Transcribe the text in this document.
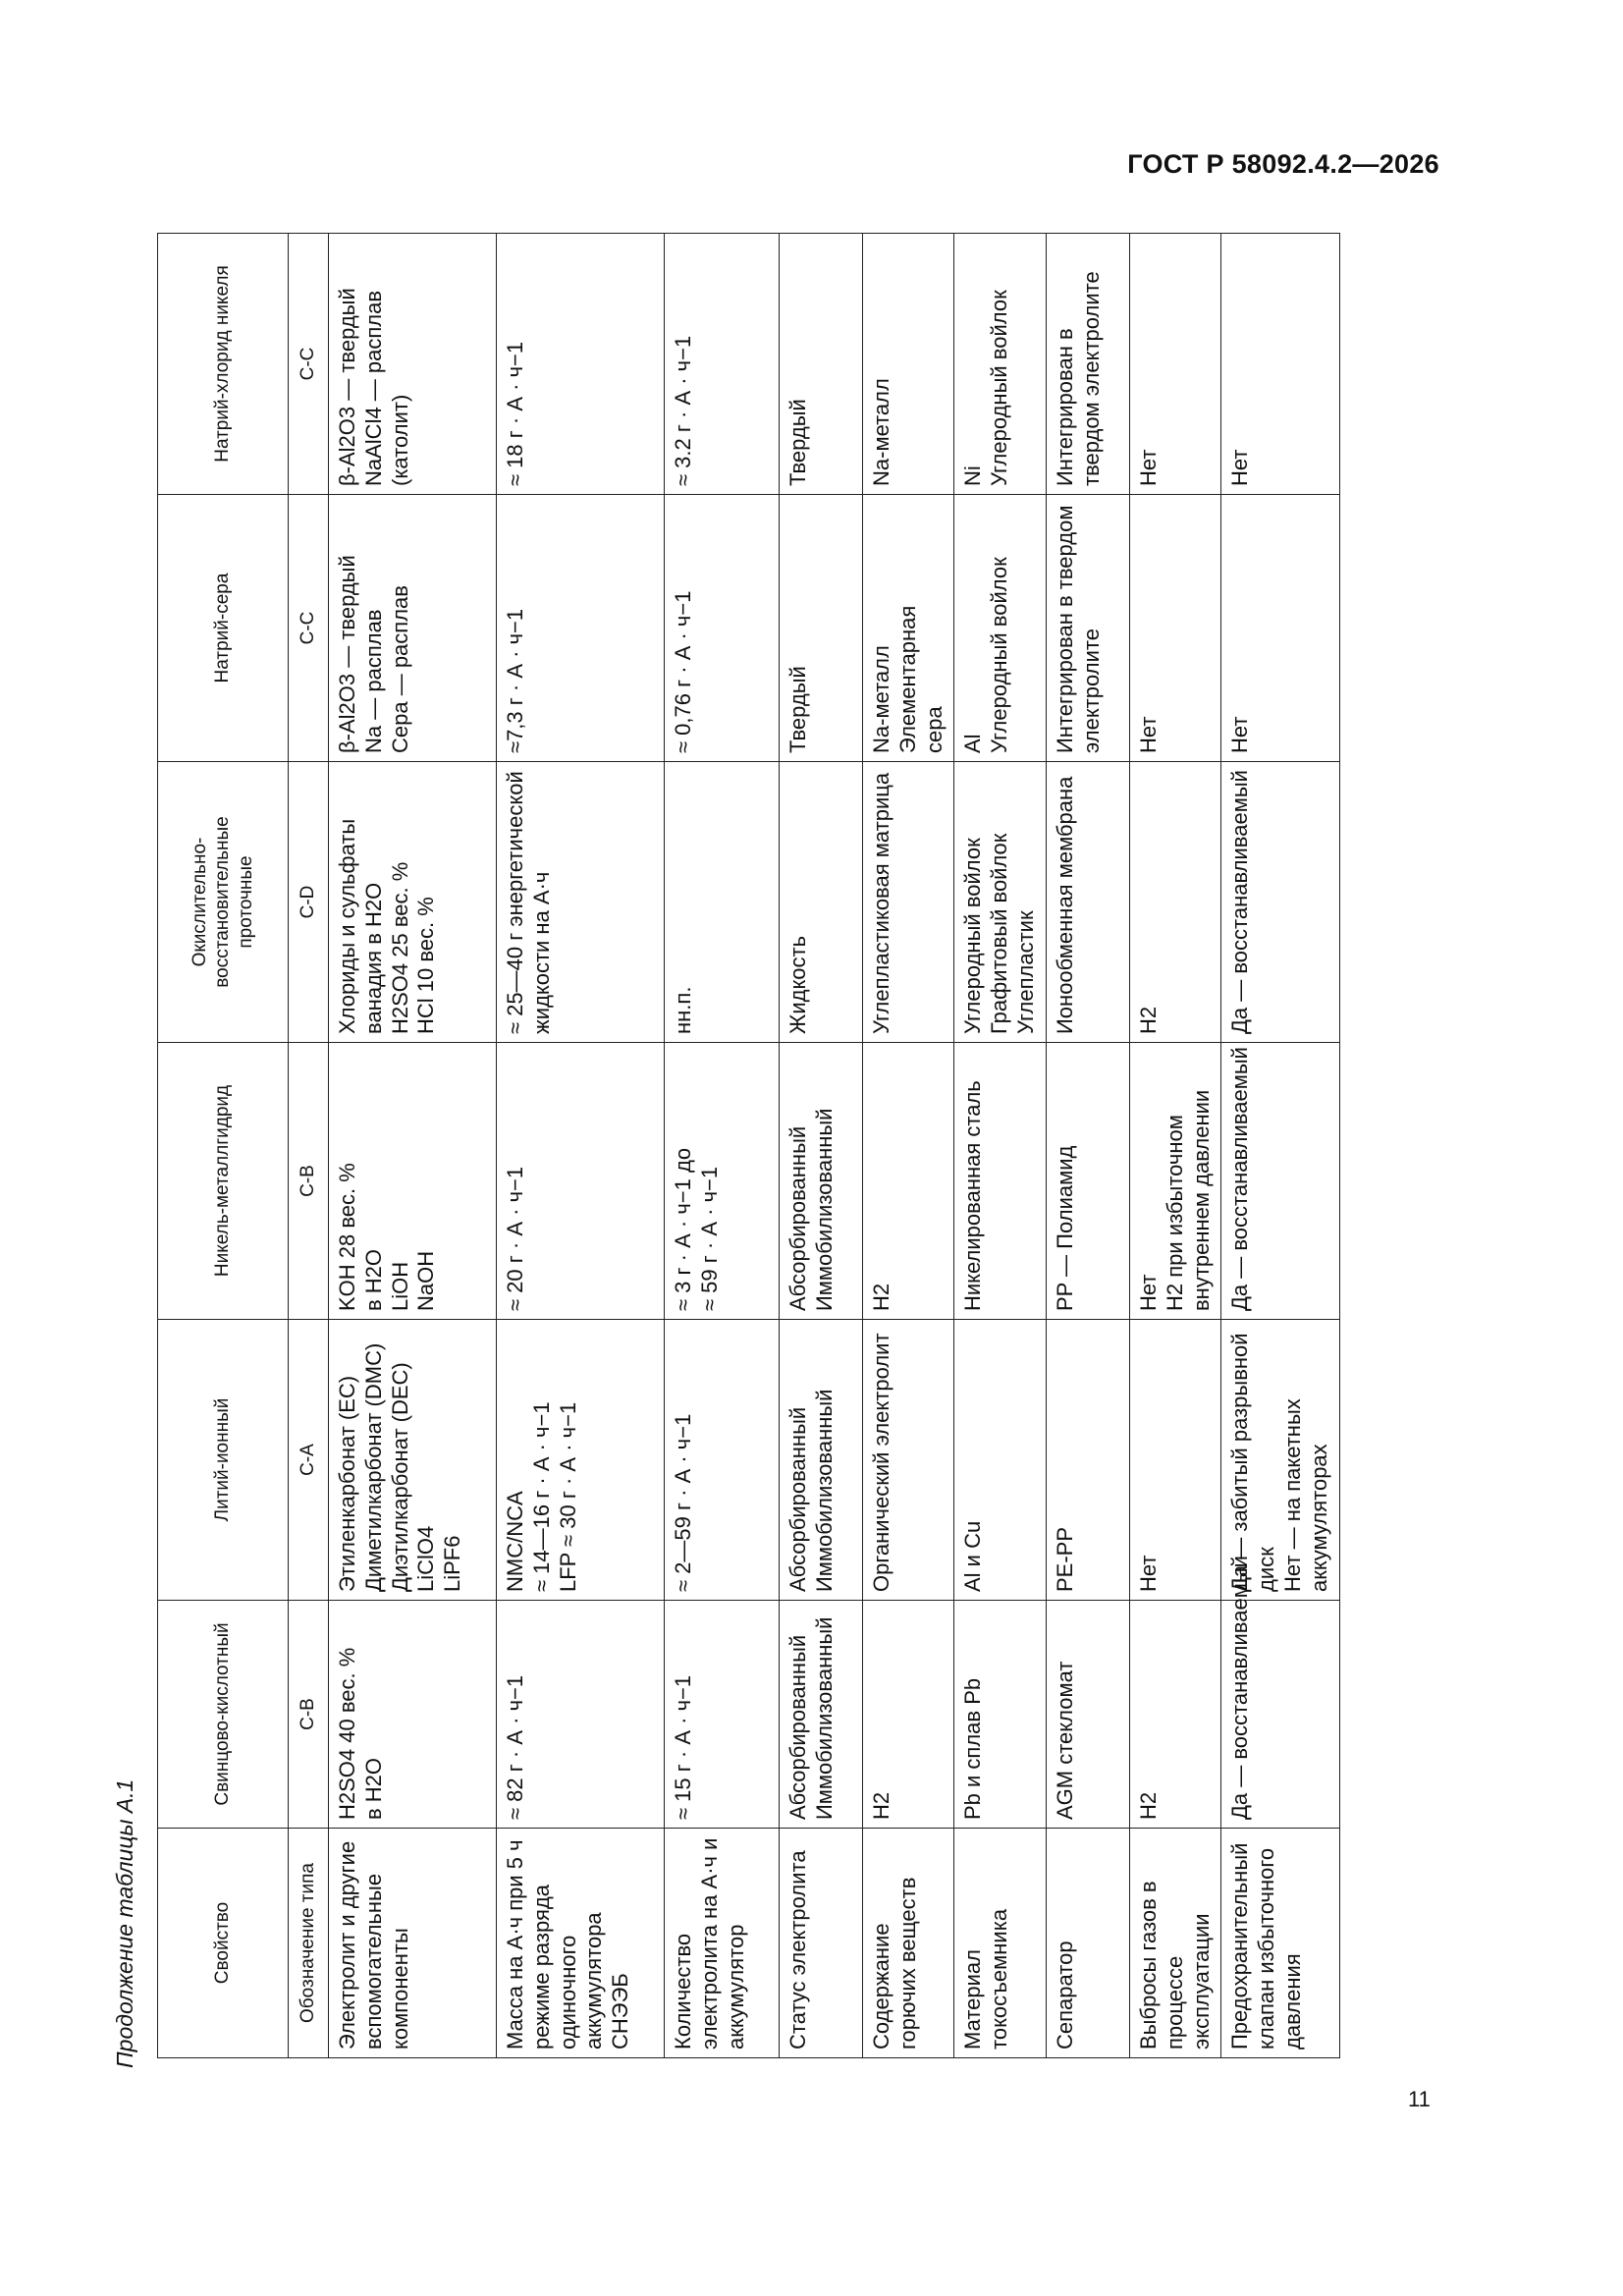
ГОСТ Р 58092.4.2—2026
Продолжение таблицы А.1	Свойство	Свинцово-кислотный	Литий-ионный	Никель-металлгидрид	Окислительно-восстановительные проточные	Натрий-сера	Натрий-хлорид никеля
Обозначение типа	C-B	C-A	C-B	C-D	C-C	C-C
Электролит и другие вспомогательные компоненты	H2SO4 40 вес. % в H2O	Этиленкарбонат (EC) Диметилкарбонат (DMC) Диэтилкарбонат (DEC) LiClO4 LiPF6	KOH 28 вес. % в H2O LiOH NaOH	Хлориды и сульфаты ванадия в H2O H2SO4 25 вес. % HCl 10 вес. %	β-Al2O3 — твердый Na — расплав Сера — расплав	β-Al2O3 — твердый NaAlCl4 — расплав (католит)

Масса на А·ч при 5 ч режиме разряда одиночного аккумулятора СНЭЭБ	≈ 82 г · А · ч−1	NMC/NCA ≈ 14—16 г · А · ч−1 LFP ≈ 30 г · А · ч−1	≈ 20 г · А · ч−1	≈ 25—40 г энергетической жидкости на А·ч	≈7,3 г · А · ч−1	≈ 18 г · А · ч−1

Количество электролита на А·ч и аккумулятор	≈ 15 г · А · ч−1	≈ 2—59 г · А · ч−1	≈ 3 г · А · ч−1 до ≈ 59 г · А · ч−1	нн.п.	≈ 0,76 г · А · ч−1	≈ 3.2 г · А · ч−1

Статус электролита	Абсорбированный Иммобилизованный	Абсорбированный Иммобилизованный	Абсорбированный Иммобилизованный	Жидкость	Твердый	Твердый

Содержание горючих веществ	H2	Органический электролит	H2	Углепластиковая матрица	Na-металл Элементарная сера	Na-металл

Материал токосъемника	Pb и сплав Pb	Al и Cu	Никелированная сталь	Углеродный войлок Графитовый войлок Углепластик	Al Углеродный войлок	Ni Углеродный войлок

Сепаратор	AGM стекломат	PE-PP	PP — Полиамид	Ионообменная мембрана	Интегрирован в твердом электролите	Интегрирован в твердом электролите

Выбросы газов в процессе эксплуатации	H2	Нет	Нет H2 при избыточном внутреннем давлении	H2	Нет	Нет

Предохранительный клапан избыточного давления	Да — восстанавливаемый	Да — забитый разрывной диск Нет — на пакетных аккумуляторах	Да — восстанавливаемый	Да — восстанавливаемый	Нет	Нет
11
